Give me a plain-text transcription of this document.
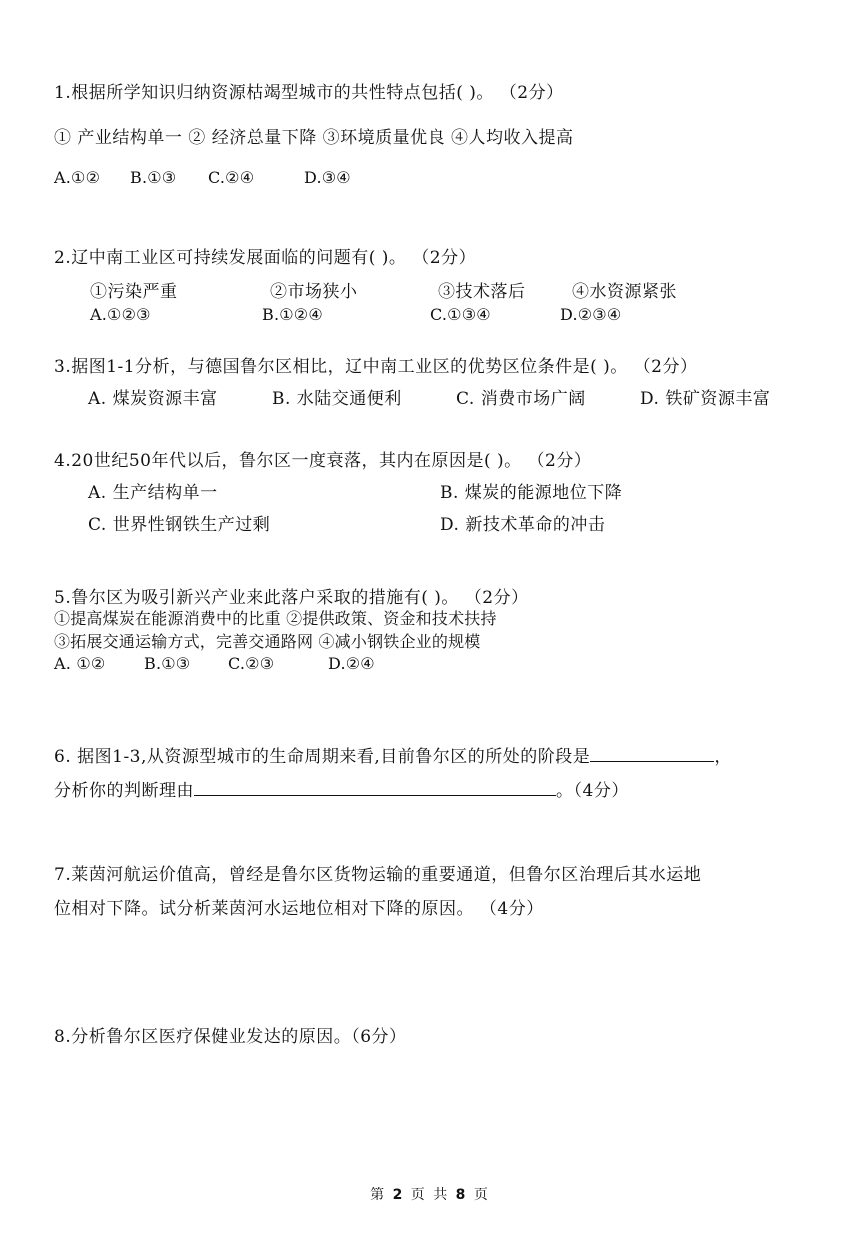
1.根据所学知识归纳资源枯竭型城市的共性特点包括( )。 （2分）
① 产业结构单一 ② 经济总量下降 ③环境质量优良 ④人均收入提高
A.①② B.①③ C.②④	D.③④
2.辽中南工业区可持续发展面临的问题有( )。 （2分）
①污染严重	②市场狭小	③技术落后	④水资源紧张
A.①②③	B.①②④	C.①③④	D.②③④
3.据图1-1分析，与德国鲁尔区相比，辽中南工业区的优势区位条件是( )。 （2分）
A. 煤炭资源丰富	B. 水陆交通便利	C. 消费市场广阔	D. 铁矿资源丰富
4.20世纪50年代以后，鲁尔区一度衰落，其内在原因是( )。 （2分）
A. 生产结构单一	B. 煤炭的能源地位下降
C. 世界性钢铁生产过剩	D. 新技术革命的冲击
5.鲁尔区为吸引新兴产业来此落户采取的措施有( )。 （2分）
①提高煤炭在能源消费中的比重 ②提供政策、资金和技术扶持
③拓展交通运输方式，完善交通路网 ④减小钢铁企业的规模
A. ①② B.①③ C.②③	D.②④
6. 据图1-3,从资源型城市的生命周期来看,目前鲁尔区的所处的阶段是	，
分析你的判断理由	。（4分）
7.莱茵河航运价值高，曾经是鲁尔区货物运输的重要通道，但鲁尔区治理后其水运地
位相对下降。试分析莱茵河水运地位相对下降的原因。 （4分）
8.分析鲁尔区医疗保健业发达的原因。（6分）
第 2 页 共 8 页
